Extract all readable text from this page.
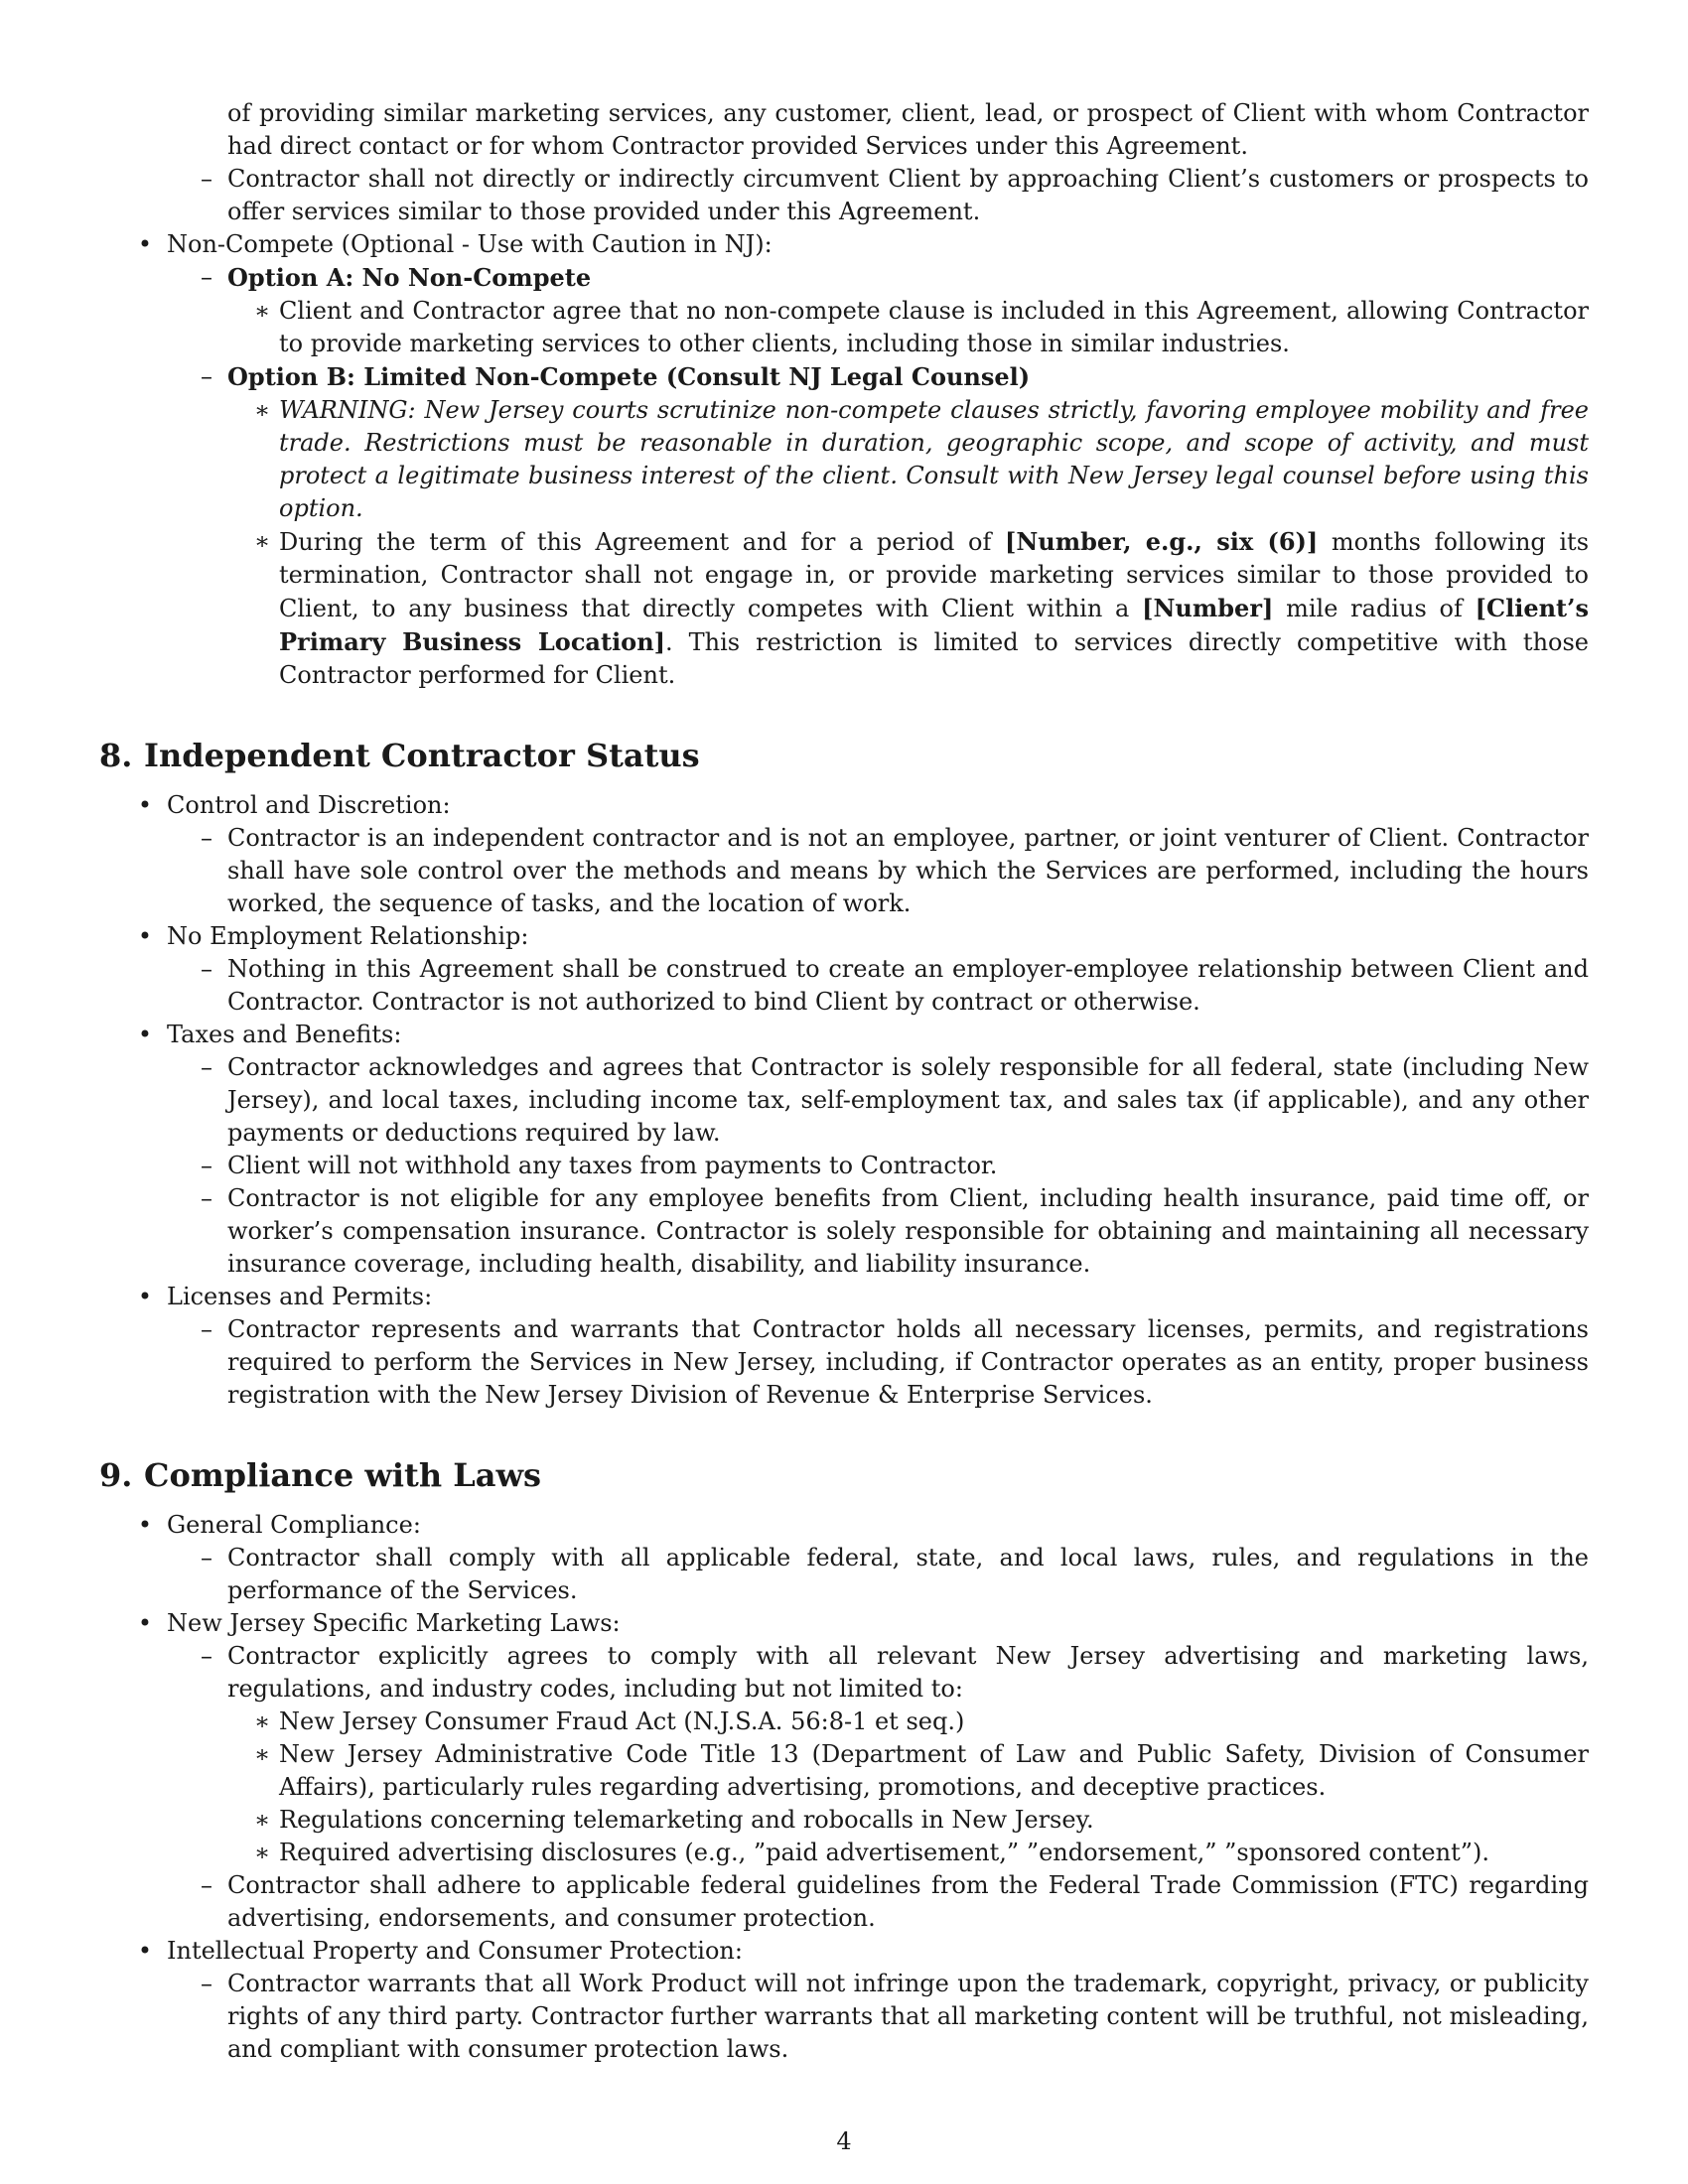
of providing similar marketing services, any customer, client, lead, or prospect of Client with whom Contractor had direct contact or for whom Contractor provided Services under this Agreement.
– Contractor shall not directly or indirectly circumvent Client by approaching Client’s customers or prospects to offer services similar to those provided under this Agreement.
• Non-Compete (Optional - Use with Caution in NJ):
– Option A: No Non-Compete
∗ Client and Contractor agree that no non-compete clause is included in this Agreement, allowing Contractor to provide marketing services to other clients, including those in similar industries.
– Option B: Limited Non-Compete (Consult NJ Legal Counsel)
∗ WARNING: New Jersey courts scrutinize non-compete clauses strictly, favoring employee mobility and free trade. Restrictions must be reasonable in duration, geographic scope, and scope of activity, and must protect a legitimate business interest of the client. Consult with New Jersey legal counsel before using this option.
∗ During the term of this Agreement and for a period of [Number, e.g., six (6)] months following its termination, Contractor shall not engage in, or provide marketing services similar to those provided to Client, to any business that directly competes with Client within a [Number] mile radius of [Client’s Primary Business Location]. This restriction is limited to services directly competitive with those Contractor performed for Client.
8. Independent Contractor Status
• Control and Discretion:
– Contractor is an independent contractor and is not an employee, partner, or joint venturer of Client. Contractor shall have sole control over the methods and means by which the Services are performed, including the hours worked, the sequence of tasks, and the location of work.
• No Employment Relationship:
– Nothing in this Agreement shall be construed to create an employer-employee relationship between Client and Contractor. Contractor is not authorized to bind Client by contract or otherwise.
• Taxes and Benefits:
– Contractor acknowledges and agrees that Contractor is solely responsible for all federal, state (including New Jersey), and local taxes, including income tax, self-employment tax, and sales tax (if applicable), and any other payments or deductions required by law.
– Client will not withhold any taxes from payments to Contractor.
– Contractor is not eligible for any employee benefits from Client, including health insurance, paid time off, or worker’s compensation insurance. Contractor is solely responsible for obtaining and maintaining all necessary insurance coverage, including health, disability, and liability insurance.
• Licenses and Permits:
– Contractor represents and warrants that Contractor holds all necessary licenses, permits, and registrations required to perform the Services in New Jersey, including, if Contractor operates as an entity, proper business registration with the New Jersey Division of Revenue & Enterprise Services.
9. Compliance with Laws
• General Compliance:
– Contractor shall comply with all applicable federal, state, and local laws, rules, and regulations in the performance of the Services.
• New Jersey Specific Marketing Laws:
– Contractor explicitly agrees to comply with all relevant New Jersey advertising and marketing laws, regulations, and industry codes, including but not limited to:
∗ New Jersey Consumer Fraud Act (N.J.S.A. 56:8-1 et seq.)
∗ New Jersey Administrative Code Title 13 (Department of Law and Public Safety, Division of Consumer Affairs), particularly rules regarding advertising, promotions, and deceptive practices.
∗ Regulations concerning telemarketing and robocalls in New Jersey.
∗ Required advertising disclosures (e.g., ”paid advertisement,” ”endorsement,” ”sponsored content”).
– Contractor shall adhere to applicable federal guidelines from the Federal Trade Commission (FTC) regarding advertising, endorsements, and consumer protection.
• Intellectual Property and Consumer Protection:
– Contractor warrants that all Work Product will not infringe upon the trademark, copyright, privacy, or publicity rights of any third party. Contractor further warrants that all marketing content will be truthful, not misleading, and compliant with consumer protection laws.
4
